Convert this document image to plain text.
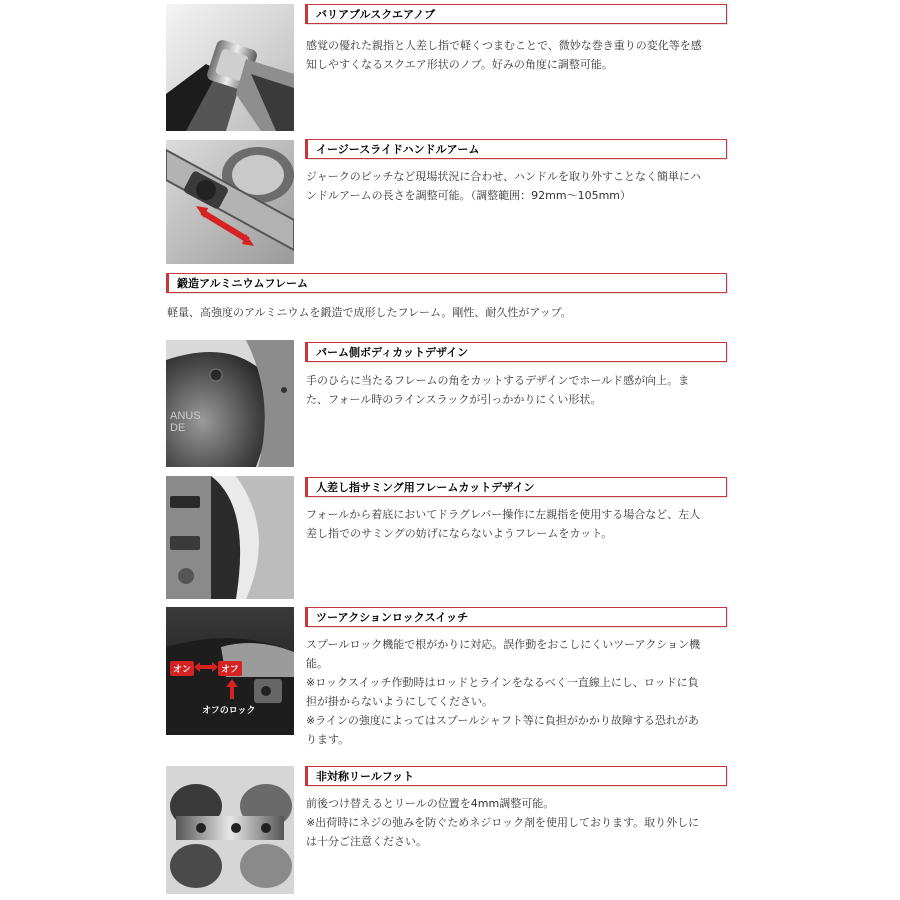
バリアブルスクエアノブ

感覚の優れた親指と人差し指で軽くつまむことで、微妙な巻き重りの変化等を感
知しやすくなるスクエア形状のノブ。好みの角度に調整可能。

イージースライドハンドルアーム

ジャークのピッチなど現場状況に合わせ、ハンドルを取り外すことなく簡単にハ
ンドルアームの長さを調整可能。（調整範囲：92mm～105mm）

鍛造アルミニウムフレーム

軽量、高強度のアルミニウムを鍛造で成形したフレーム。剛性、耐久性がアップ。

ANUS
DE
パーム側ボディカットデザイン

手のひらに当たるフレームの角をカットするデザインでホールド感が向上。ま
た、フォール時のラインスラックが引っかかりにくい形状。

人差し指サミング用フレームカットデザイン

フォールから着底においてドラグレバー操作に左親指を使用する場合など、左人
差し指でのサミングの妨げにならないようフレームをカット。

オン	オフ
オフのロック
ツーアクションロックスイッチ

スプールロック機能で根がかりに対応。誤作動をおこしにくいツーアクション機
能。
※ロックスイッチ作動時はロッドとラインをなるべく一直線上にし、ロッドに負
担が掛からないようにしてください。
※ラインの強度によってはスプールシャフト等に負担がかかり故障する恐れがあ
ります。

非対称リールフット

前後つけ替えるとリールの位置を4mm調整可能。
※出荷時にネジの弛みを防ぐためネジロック剤を使用しております。取り外しに
は十分ご注意ください。
